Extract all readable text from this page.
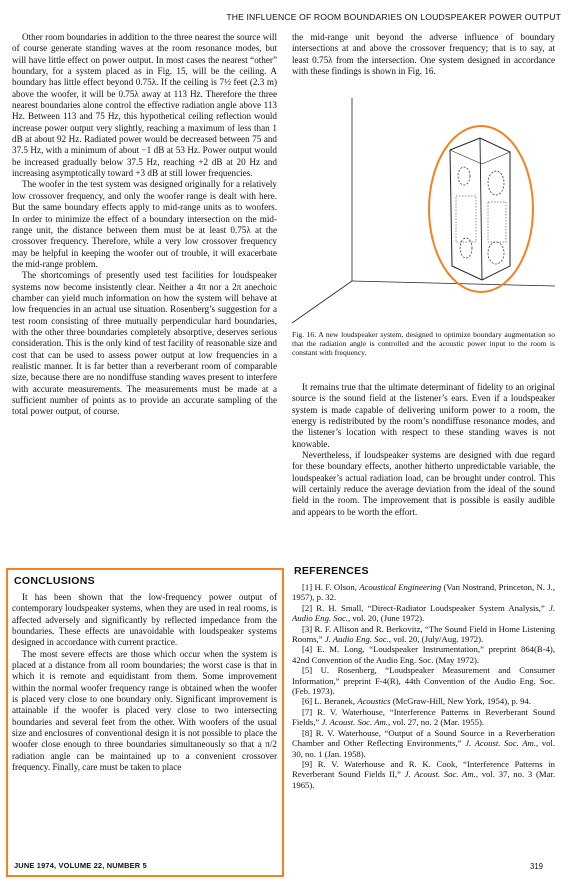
THE INFLUENCE OF ROOM BOUNDARIES ON LOUDSPEAKER POWER OUTPUT

Other room boundaries in addition to the three nearest the source will of course generate standing waves at the room resonance modes, but will have little effect on power output. In most cases the nearest “other” boundary, for a system placed as in Fig. 15, will be the ceiling. A boundary has little effect beyond 0.75λ. If the ceiling is 7½ feet (2.3 m) above the woofer, it will be 0.75λ away at 113 Hz. Therefore the three nearest boundaries alone control the effective radiation angle above 113 Hz. Between 113 and 75 Hz, this hypothetical ceiling reflection would increase power output very slightly, reaching a maximum of less than 1 dB at about 92 Hz. Radiated power would be decreased between 75 and 37.5 Hz, with a minimum of about −1 dB at 53 Hz. Power output would be increased gradually below 37.5 Hz, reaching +2 dB at 20 Hz and increasing asymptotically toward +3 dB at still lower frequencies.

The woofer in the test system was designed originally for a relatively low crossover frequency, and only the woofer range is dealt with here. But the same boundary effects apply to mid-range units as to woofers. In order to minimize the effect of a boundary intersection on the mid-range unit, the distance between them must be at least 0.75λ at the crossover frequency. Therefore, while a very low crossover frequency may be helpful in keeping the woofer out of trouble, it will exacerbate the mid-range problem.

The shortcomings of presently used test facilities for loudspeaker systems now become insistently clear. Neither a 4π nor a 2π anechoic chamber can yield much information on how the system will behave at low frequencies in an actual use situation. Rosenberg’s suggestion for a test room consisting of three mutually perpendicular hard boundaries, with the other three boundaries completely absorptive, deserves serious consideration. This is the only kind of test facility of reasonable size and cost that can be used to assess power output at low frequencies in a realistic manner. It is far better than a reverberant room of comparable size, because there are no nondiffuse standing waves present to interfere with accurate measurements. The measurements must be made at a sufficient number of points as to provide an accurate sampling of the total power output, of course.

the mid-range unit beyond the adverse influence of boundary intersections at and above the crossover frequency; that is to say, at least 0.75λ from the intersection. One system designed in accordance with these findings is shown in Fig. 16.

Fig. 16. A new loudspeaker system, designed to optimize boundary augmentation so that the radiation angle is controlled and the acoustic power input to the room is constant with frequency.

It remains true that the ultimate determinant of fidelity to an original source is the sound field at the listener’s ears. Even if a loudspeaker system is made capable of delivering uniform power to a room, the energy is redistributed by the room’s nondiffuse resonance modes, and the listener’s location with respect to these standing waves is not knowable.

Nevertheless, if loudspeaker systems are designed with due regard for these boundary effects, another hitherto unpredictable variable, the loudspeaker’s actual radiation load, can be brought under control. This will certainly reduce the average deviation from the ideal of the sound field in the room. The improvement that is possible is easily audible and appears to be worth the effort.

CONCLUSIONS

It has been shown that the low-frequency power output of contemporary loudspeaker systems, when they are used in real rooms, is affected adversely and significantly by reflected impedance from the boundaries. These effects are unavoidable with loudspeaker systems designed in accordance with current practice.

The most severe effects are those which occur when the system is placed at a distance from all room boundaries; the worst case is that in which it is remote and equidistant from them. Some improvement within the normal woofer frequency range is obtained when the woofer is placed very close to one boundary only. Significant improvement is attainable if the woofer is placed very close to two intersecting boundaries and several feet from the other. With woofers of the usual size and enclosures of conventional design it is not possible to place the woofer close enough to three boundaries simultaneously so that a π/2 radiation angle can be maintained up to a convenient crossover frequency. Finally, care must be taken to place

REFERENCES
[1] H. F. Olson, Acoustical Engineering (Van Nostrand, Princeton, N. J., 1957), p. 32.
[2] R. H. Small, “Direct-Radiator Loudspeaker System Analysis,” J. Audio Eng. Soc., vol. 20, (June 1972).
[3] R. F. Allison and R. Berkovitz, “The Sound Field in Home Listening Rooms,” J. Audio Eng. Soc., vol. 20, (July/Aug. 1972).
[4] E. M. Long, “Loudspeaker Instrumentation,” preprint 864(B-4), 42nd Convention of the Audio Eng. Soc. (May 1972).
[5] U. Rosenberg, “Loudspeaker Measurement and Consumer Information,” preprint F-4(R), 44th Convention of the Audio Eng. Soc. (Feb. 1973).
[6] L. Beranek, Acoustics (McGraw-Hill, New York, 1954), p. 94.
[7] R. V. Waterhouse, “Interference Patterns in Reverberant Sound Fields,” J. Acoust. Soc. Am., vol. 27, no. 2 (Mar. 1955).
[8] R. V. Waterhouse, “Output of a Sound Source in a Reverberation Chamber and Other Reflecting Environments,” J. Acoust. Soc. Am., vol. 30, no. 1 (Jan. 1958).
[9] R. V. Waterhouse and R. K. Cook, “Interference Patterns in Reverberant Sound Fields II,” J. Acoust. Soc. Am., vol. 37, no. 3 (Mar. 1965).
JUNE 1974, VOLUME 22, NUMBER 5	319
